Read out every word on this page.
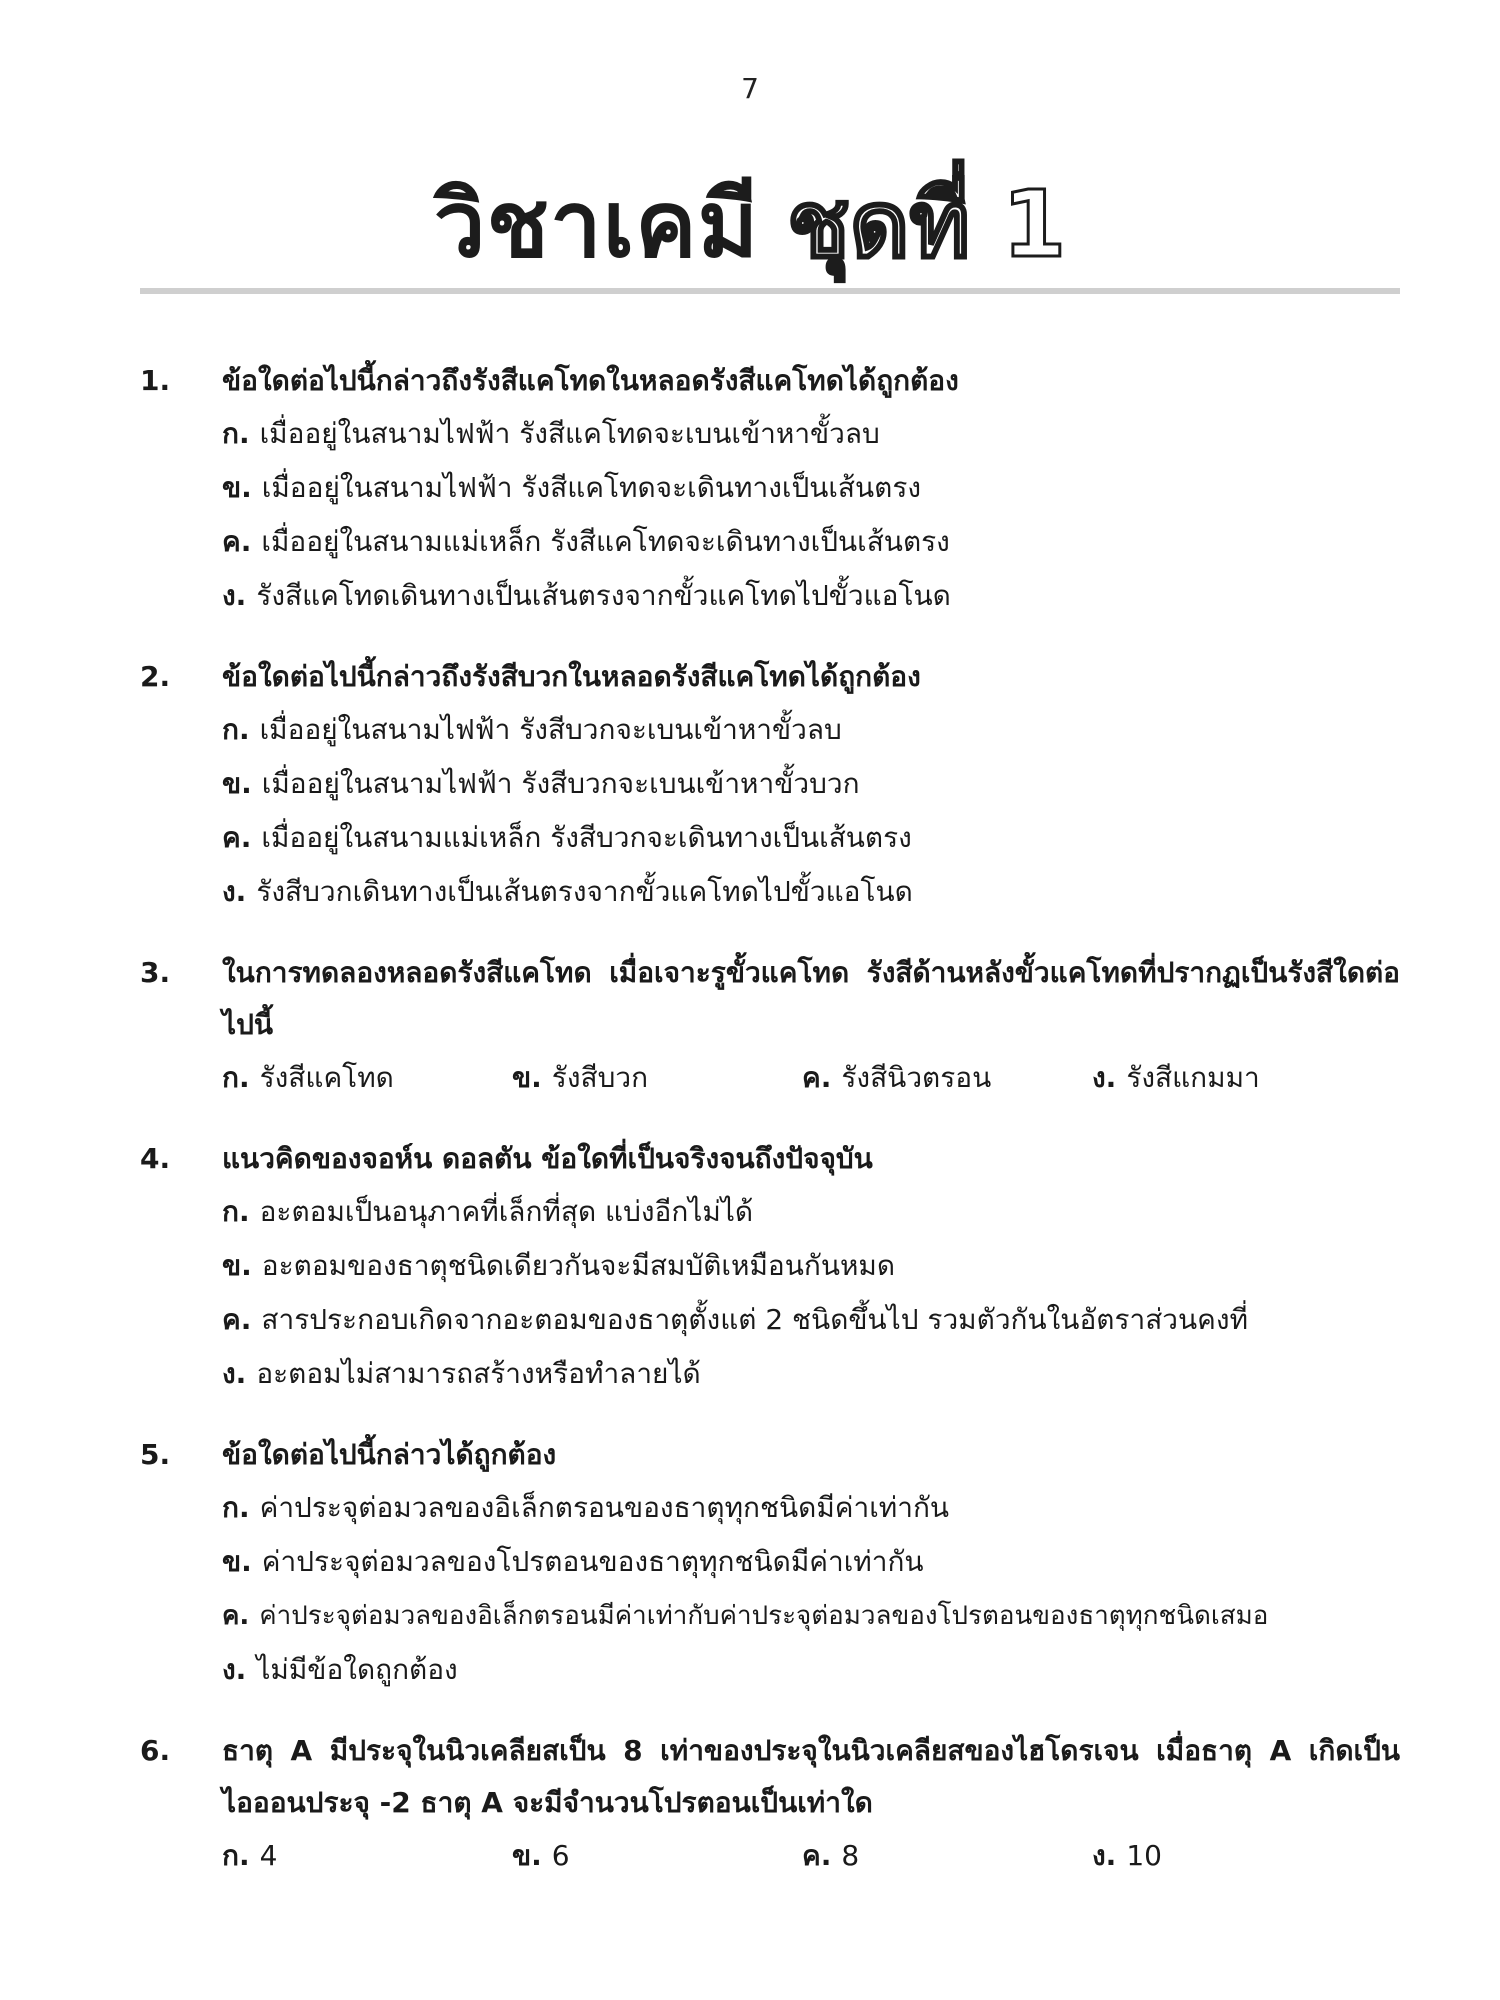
7
วิชาเคมี ชุดที่ 1
1.	ข้อใดต่อไปนี้กล่าวถึงรังสีแคโทดในหลอดรังสีแคโทดได้ถูกต้อง
ก. เมื่ออยู่ในสนามไฟฟ้า รังสีแคโทดจะเบนเข้าหาขั้วลบ
ข. เมื่ออยู่ในสนามไฟฟ้า รังสีแคโทดจะเดินทางเป็นเส้นตรง
ค. เมื่ออยู่ในสนามแม่เหล็ก รังสีแคโทดจะเดินทางเป็นเส้นตรง
ง. รังสีแคโทดเดินทางเป็นเส้นตรงจากขั้วแคโทดไปขั้วแอโนด
2.	ข้อใดต่อไปนี้กล่าวถึงรังสีบวกในหลอดรังสีแคโทดได้ถูกต้อง
ก. เมื่ออยู่ในสนามไฟฟ้า รังสีบวกจะเบนเข้าหาขั้วลบ
ข. เมื่ออยู่ในสนามไฟฟ้า รังสีบวกจะเบนเข้าหาขั้วบวก
ค. เมื่ออยู่ในสนามแม่เหล็ก รังสีบวกจะเดินทางเป็นเส้นตรง
ง. รังสีบวกเดินทางเป็นเส้นตรงจากขั้วแคโทดไปขั้วแอโนด
3.	ในการทดลองหลอดรังสีแคโทด เมื่อเจาะรูขั้วแคโทด รังสีด้านหลังขั้วแคโทดที่ปรากฏเป็นรังสีใดต่อไปนี้
ก. รังสีแคโทด	ข. รังสีบวก	ค. รังสีนิวตรอน	ง. รังสีแกมมา
4.	แนวคิดของจอห์น ดอลตัน ข้อใดที่เป็นจริงจนถึงปัจจุบัน
ก. อะตอมเป็นอนุภาคที่เล็กที่สุด แบ่งอีกไม่ได้
ข. อะตอมของธาตุชนิดเดียวกันจะมีสมบัติเหมือนกันหมด
ค. สารประกอบเกิดจากอะตอมของธาตุตั้งแต่ 2 ชนิดขึ้นไป รวมตัวกันในอัตราส่วนคงที่
ง. อะตอมไม่สามารถสร้างหรือทำลายได้
5.	ข้อใดต่อไปนี้กล่าวได้ถูกต้อง
ก. ค่าประจุต่อมวลของอิเล็กตรอนของธาตุทุกชนิดมีค่าเท่ากัน
ข. ค่าประจุต่อมวลของโปรตอนของธาตุทุกชนิดมีค่าเท่ากัน
ค. ค่าประจุต่อมวลของอิเล็กตรอนมีค่าเท่ากับค่าประจุต่อมวลของโปรตอนของธาตุทุกชนิดเสมอ
ง. ไม่มีข้อใดถูกต้อง
6.	ธาตุ A มีประจุในนิวเคลียสเป็น 8 เท่าของประจุในนิวเคลียสของไฮโดรเจน เมื่อธาตุ A เกิดเป็นไอออนประจุ -2 ธาตุ A จะมีจำนวนโปรตอนเป็นเท่าใด
ก. 4	ข. 6	ค. 8	ง. 10
